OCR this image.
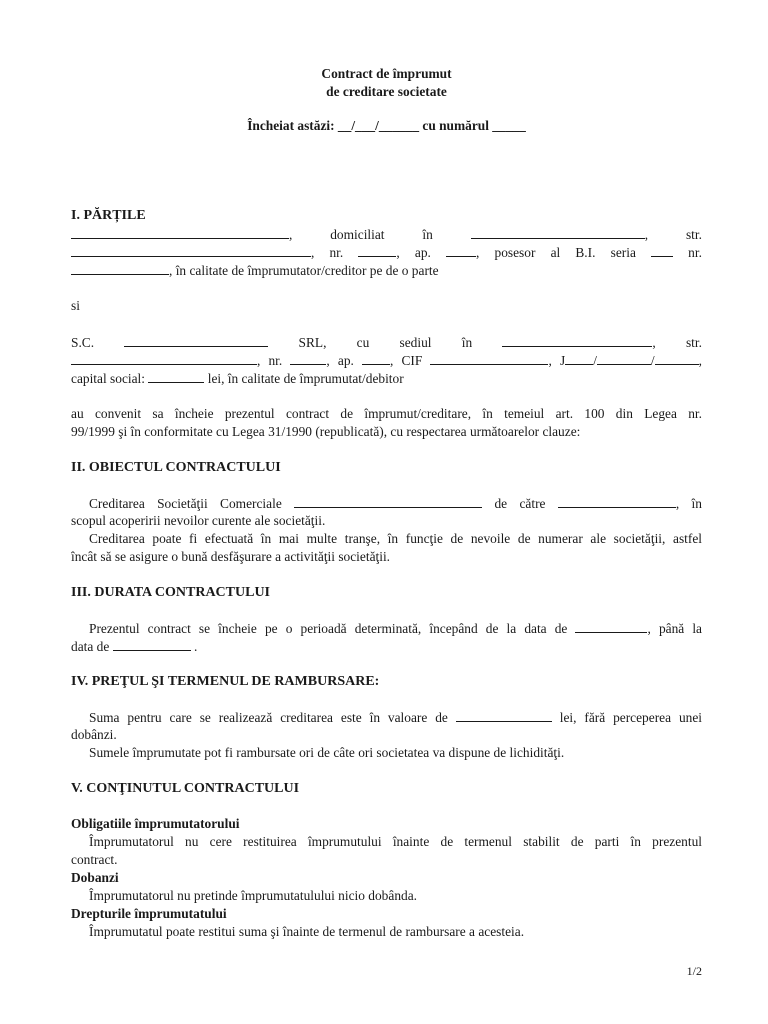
Contract de împrumut
de creditare societate
Încheiat astăzi: __/___/______ cu numărul _____
I. PĂRȚILE
, domiciliat	în	, str.
, nr.	, ap.	, posesor al B.I. seria	nr.
, în calitate de împrumutator/creditor pe de o parte
si
S.C.	SRL, cu sediul în	, str.
, nr.	, ap.	, CIF	, J /	/	,
capital social:	lei, în calitate de împrumutat/debitor
au convenit sa încheie prezentul contract de împrumut/creditare, în temeiul art. 100 din Legea nr.
99/1999 şi în conformitate cu Legea 31/1990 (republicată), cu respectarea următoarelor clauze:
II. OBIECTUL CONTRACTULUI
Creditarea Societăţii Comerciale	de către	, în
scopul acoperirii nevoilor curente ale societăţii.
Creditarea poate fi efectuată în mai multe tranşe, în funcţie de nevoile de numerar ale societăţii, astfel
încât să se asigure o bună desfăşurare a activităţii societăţii.
III. DURATA CONTRACTULUI
Prezentul contract se încheie pe o perioadă determinată, începând de la data de	, până la
data de	.
IV. PREŢUL ŞI TERMENUL DE RAMBURSARE:
Suma pentru care se realizează creditarea este în valoare de	lei, fără perceperea unei
dobânzi.
Sumele împrumutate pot fi rambursate ori de câte ori societatea va dispune de lichidităţi.
V. CONŢINUTUL CONTRACTULUI
Obligatiile împrumutatorului
Împrumutatorul nu cere restituirea împrumutului înainte de termenul stabilit de parti în prezentul
contract.
Dobanzi
Împrumutatorul nu pretinde împrumutatulului nicio dobânda.
Drepturile împrumutatului
Împrumutatul poate restitui suma şi înainte de termenul de rambursare a acesteia.
1/2
